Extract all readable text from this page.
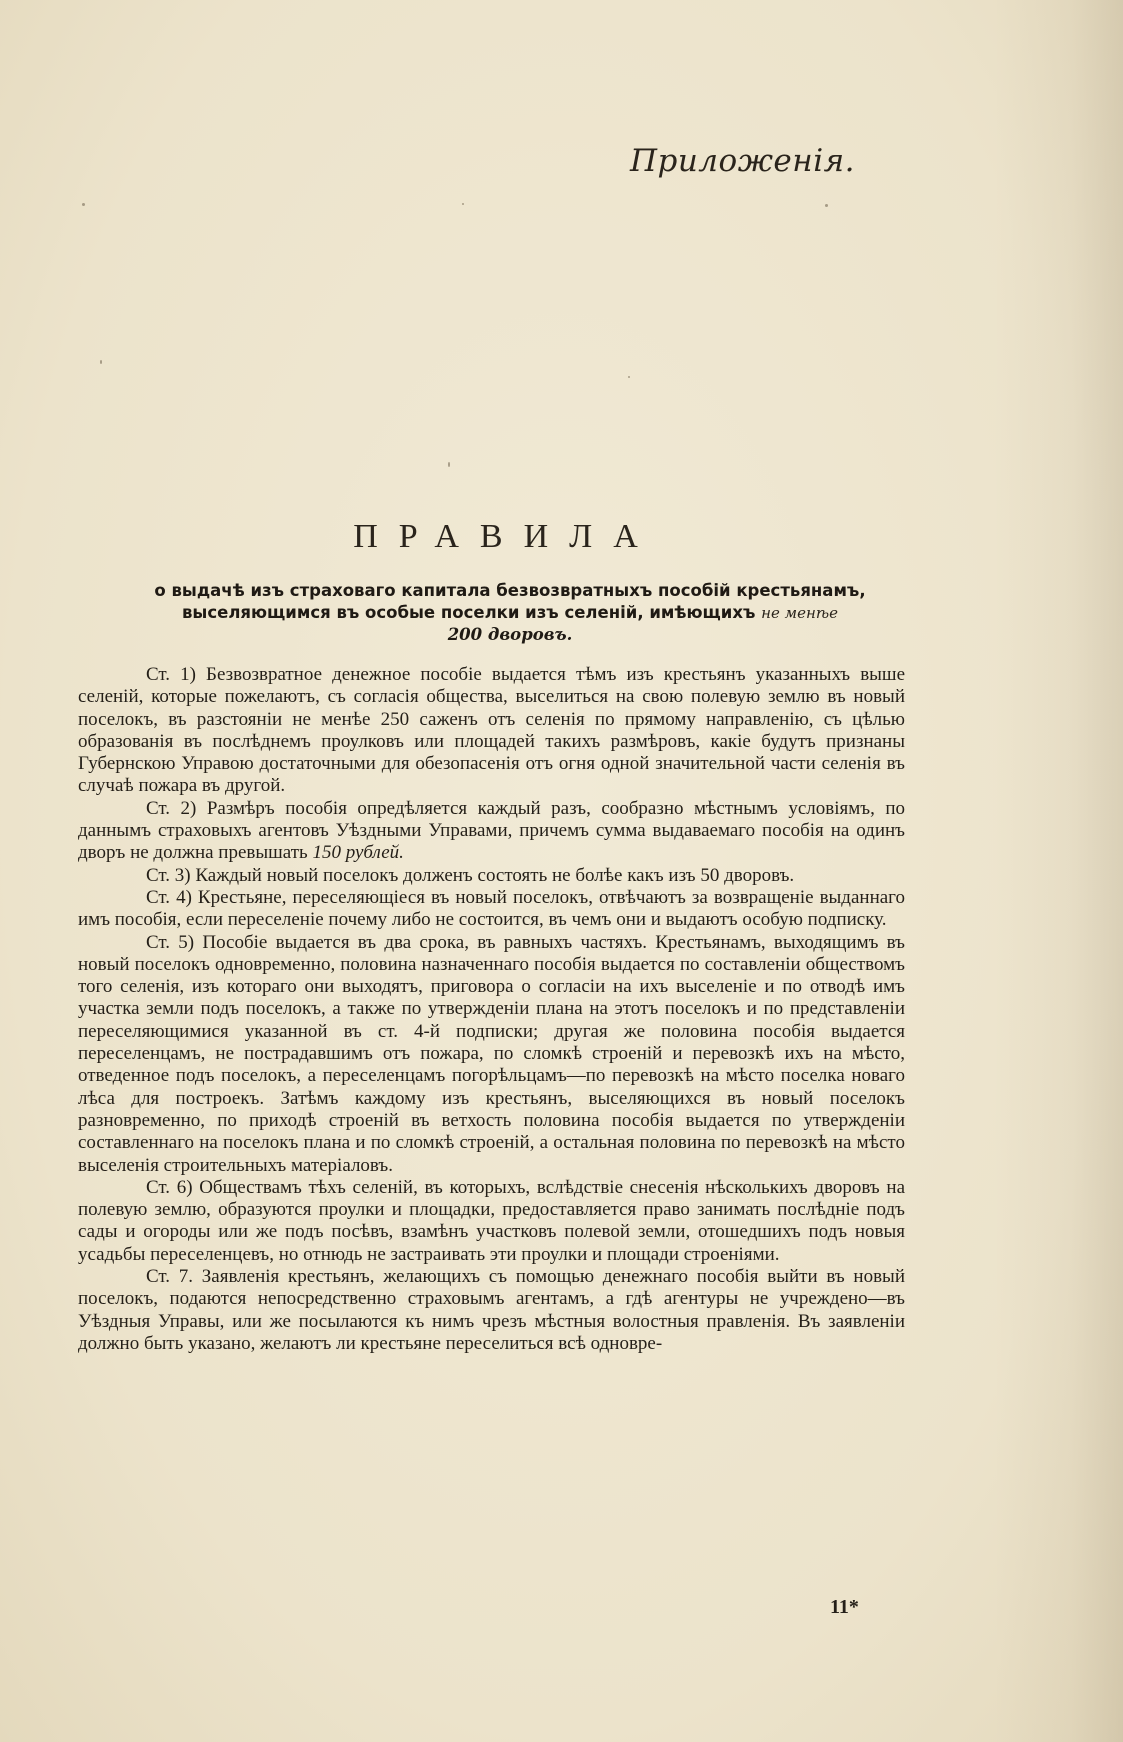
Приложенія.
ПРАВИЛА
о выдачѣ изъ страховаго капитала безвозвратныхъ пособій крестьянамъ,
выселяющимся въ особые поселки изъ селеній, имѣющихъ не менѣе
200 дворовъ.

Ст. 1) Безвозвратное денежное пособіе выдается тѣмъ изъ крестьянъ указанныхъ выше селеній, которые пожелаютъ, съ согласія общества, выселиться на свою полевую землю въ новый поселокъ, въ разстояніи не менѣе 250 саженъ отъ селенія по прямому направленію, съ цѣлью образованія въ послѣднемъ проулковъ или площадей такихъ размѣровъ, какіе будутъ признаны Губернскою Управою достаточными для обезопасенія отъ огня одной значительной части селенія въ случаѣ пожара въ другой.

Ст. 2) Размѣръ пособія опредѣляется каждый разъ, сообразно мѣстнымъ условіямъ, по даннымъ страховыхъ агентовъ Уѣздными Управами, причемъ сумма выдаваемаго пособія на одинъ дворъ не должна превышать 150 рублей.

Ст. 3) Каждый новый поселокъ долженъ состоять не болѣе какъ изъ 50 дворовъ.

Ст. 4) Крестьяне, переселяющіеся въ новый поселокъ, отвѣчаютъ за возвращеніе выданнаго имъ пособія, если переселеніе почему либо не состоится, въ чемъ они и выдаютъ особую подписку.

Ст. 5) Пособіе выдается въ два срока, въ равныхъ частяхъ. Крестьянамъ, выходящимъ въ новый поселокъ одновременно, половина назначеннаго пособія выдается по составленіи обществомъ того селенія, изъ котораго они выходятъ, приговора о согласіи на ихъ выселеніе и по отводѣ имъ участка земли подъ поселокъ, а также по утвержденіи плана на этотъ поселокъ и по представленіи переселяющимися указанной въ ст. 4-й подписки; другая же половина пособія выдается переселенцамъ, не пострадавшимъ отъ пожара, по сломкѣ строеній и перевозкѣ ихъ на мѣсто, отведенное подъ поселокъ, а переселенцамъ погорѣльцамъ—по перевозкѣ на мѣсто поселка новаго лѣса для построекъ. Затѣмъ каждому изъ крестьянъ, выселяющихся въ новый поселокъ разновременно, по приходѣ строеній въ ветхость половина пособія выдается по утвержденіи составленнаго на поселокъ плана и по сломкѣ строеній, а остальная половина по перевозкѣ на мѣсто выселенія строительныхъ матеріаловъ.

Ст. 6) Обществамъ тѣхъ селеній, въ которыхъ, вслѣдствіе снесенія нѣсколькихъ дворовъ на полевую землю, образуются проулки и площадки, предоставляется право занимать послѣдніе подъ сады и огороды или же подъ посѣвъ, взамѣнъ участковъ полевой земли, отошедшихъ подъ новыя усадьбы переселенцевъ, но отнюдь не застраивать эти проулки и площади строеніями.

Ст. 7. Заявленія крестьянъ, желающихъ съ помощью денежнаго пособія выйти въ новый поселокъ, подаются непосредственно страховымъ агентамъ, а гдѣ агентуры не учреждено—въ Уѣздныя Управы, или же посылаются къ нимъ чрезъ мѣстныя волостныя правленія. Въ заявленіи должно быть указано, желаютъ ли крестьяне переселиться всѣ одновре-

11*
